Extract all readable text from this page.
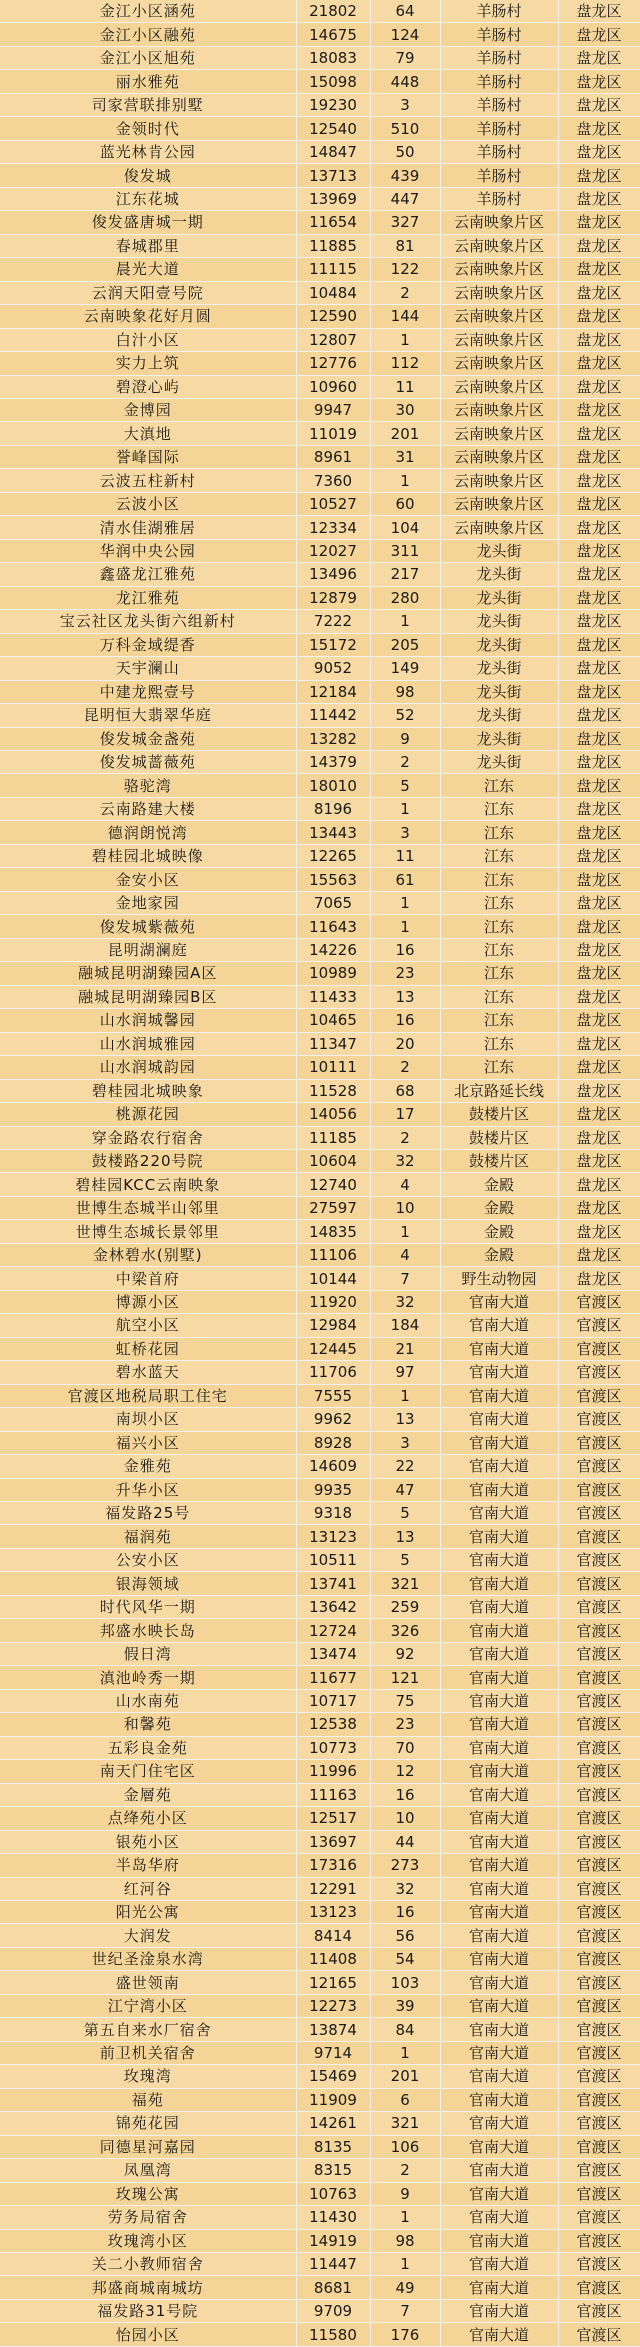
金江小区涵苑	21802	64	羊肠村	盘龙区
金江小区融苑	14675	124	羊肠村	盘龙区
金江小区旭苑	18083	79	羊肠村	盘龙区
丽水雅苑	15098	448	羊肠村	盘龙区
司家营联排别墅	19230	3	羊肠村	盘龙区
金领时代	12540	510	羊肠村	盘龙区
蓝光林肯公园	14847	50	羊肠村	盘龙区
俊发城	13713	439	羊肠村	盘龙区
江东花城	13969	447	羊肠村	盘龙区
俊发盛唐城一期	11654	327	云南映象片区	盘龙区
春城郡里	11885	81	云南映象片区	盘龙区
晨光大道	11115	122	云南映象片区	盘龙区
云润天阳壹号院	10484	2	云南映象片区	盘龙区
云南映象花好月圆	12590	144	云南映象片区	盘龙区
白汁小区	12807	1	云南映象片区	盘龙区
实力上筑	12776	112	云南映象片区	盘龙区
碧澄心屿	10960	11	云南映象片区	盘龙区
金博园	9947	30	云南映象片区	盘龙区
大滇地	11019	201	云南映象片区	盘龙区
誉峰国际	8961	31	云南映象片区	盘龙区
云波五柱新村	7360	1	云南映象片区	盘龙区
云波小区	10527	60	云南映象片区	盘龙区
清水佳湖雅居	12334	104	云南映象片区	盘龙区
华润中央公园	12027	311	龙头街	盘龙区
鑫盛龙江雅苑	13496	217	龙头街	盘龙区
龙江雅苑	12879	280	龙头街	盘龙区
宝云社区龙头街六组新村	7222	1	龙头街	盘龙区
万科金域缇香	15172	205	龙头街	盘龙区
天宇澜山	9052	149	龙头街	盘龙区
中建龙熙壹号	12184	98	龙头街	盘龙区
昆明恒大翡翠华庭	11442	52	龙头街	盘龙区
俊发城金盏苑	13282	9	龙头街	盘龙区
俊发城蔷薇苑	14379	2	龙头街	盘龙区
骆驼湾	18010	5	江东	盘龙区
云南路建大楼	8196	1	江东	盘龙区
德润朗悦湾	13443	3	江东	盘龙区
碧桂园北城映像	12265	11	江东	盘龙区
金安小区	15563	61	江东	盘龙区
金地家园	7065	1	江东	盘龙区
俊发城紫薇苑	11643	1	江东	盘龙区
昆明湖澜庭	14226	16	江东	盘龙区
融城昆明湖臻园A区	10989	23	江东	盘龙区
融城昆明湖臻园B区	11433	13	江东	盘龙区
山水润城馨园	10465	16	江东	盘龙区
山水润城雅园	11347	20	江东	盘龙区
山水润城韵园	10111	2	江东	盘龙区
碧桂园北城映象	11528	68	北京路延长线	盘龙区
桃源花园	14056	17	鼓楼片区	盘龙区
穿金路农行宿舍	11185	2	鼓楼片区	盘龙区
鼓楼路220号院	10604	32	鼓楼片区	盘龙区
碧桂园KCC云南映象	12740	4	金殿	盘龙区
世博生态城半山邻里	27597	10	金殿	盘龙区
世博生态城长景邻里	14835	1	金殿	盘龙区
金林碧水(别墅)	11106	4	金殿	盘龙区
中梁首府	10144	7	野生动物园	盘龙区
博源小区	11920	32	官南大道	官渡区
航空小区	12984	184	官南大道	官渡区
虹桥花园	12445	21	官南大道	官渡区
碧水蓝天	11706	97	官南大道	官渡区
官渡区地税局职工住宅	7555	1	官南大道	官渡区
南坝小区	9962	13	官南大道	官渡区
福兴小区	8928	3	官南大道	官渡区
金雅苑	14609	22	官南大道	官渡区
升华小区	9935	47	官南大道	官渡区
福发路25号	9318	5	官南大道	官渡区
福润苑	13123	13	官南大道	官渡区
公安小区	10511	5	官南大道	官渡区
银海领域	13741	321	官南大道	官渡区
时代风华一期	13642	259	官南大道	官渡区
邦盛水映长岛	12724	326	官南大道	官渡区
假日湾	13474	92	官南大道	官渡区
滇池岭秀一期	11677	121	官南大道	官渡区
山水南苑	10717	75	官南大道	官渡区
和馨苑	12538	23	官南大道	官渡区
五彩良金苑	10773	70	官南大道	官渡区
南天门住宅区	11996	12	官南大道	官渡区
金層苑	11163	16	官南大道	官渡区
点绛苑小区	12517	10	官南大道	官渡区
银苑小区	13697	44	官南大道	官渡区
半岛华府	17316	273	官南大道	官渡区
红河谷	12291	32	官南大道	官渡区
阳光公寓	13123	16	官南大道	官渡区
大润发	8414	56	官南大道	官渡区
世纪圣淦泉水湾	11408	54	官南大道	官渡区
盛世领南	12165	103	官南大道	官渡区
江宁湾小区	12273	39	官南大道	官渡区
第五自来水厂宿舍	13874	84	官南大道	官渡区
前卫机关宿舍	9714	1	官南大道	官渡区
玫瑰湾	15469	201	官南大道	官渡区
福苑	11909	6	官南大道	官渡区
锦苑花园	14261	321	官南大道	官渡区
同德星河嘉园	8135	106	官南大道	官渡区
凤凰湾	8315	2	官南大道	官渡区
玫瑰公寓	10763	9	官南大道	官渡区
劳务局宿舍	11430	1	官南大道	官渡区
玫瑰湾小区	14919	98	官南大道	官渡区
关二小教师宿舍	11447	1	官南大道	官渡区
邦盛商城南城坊	8681	49	官南大道	官渡区
福发路31号院	9709	7	官南大道	官渡区
怡园小区	11580	176	官南大道	官渡区
